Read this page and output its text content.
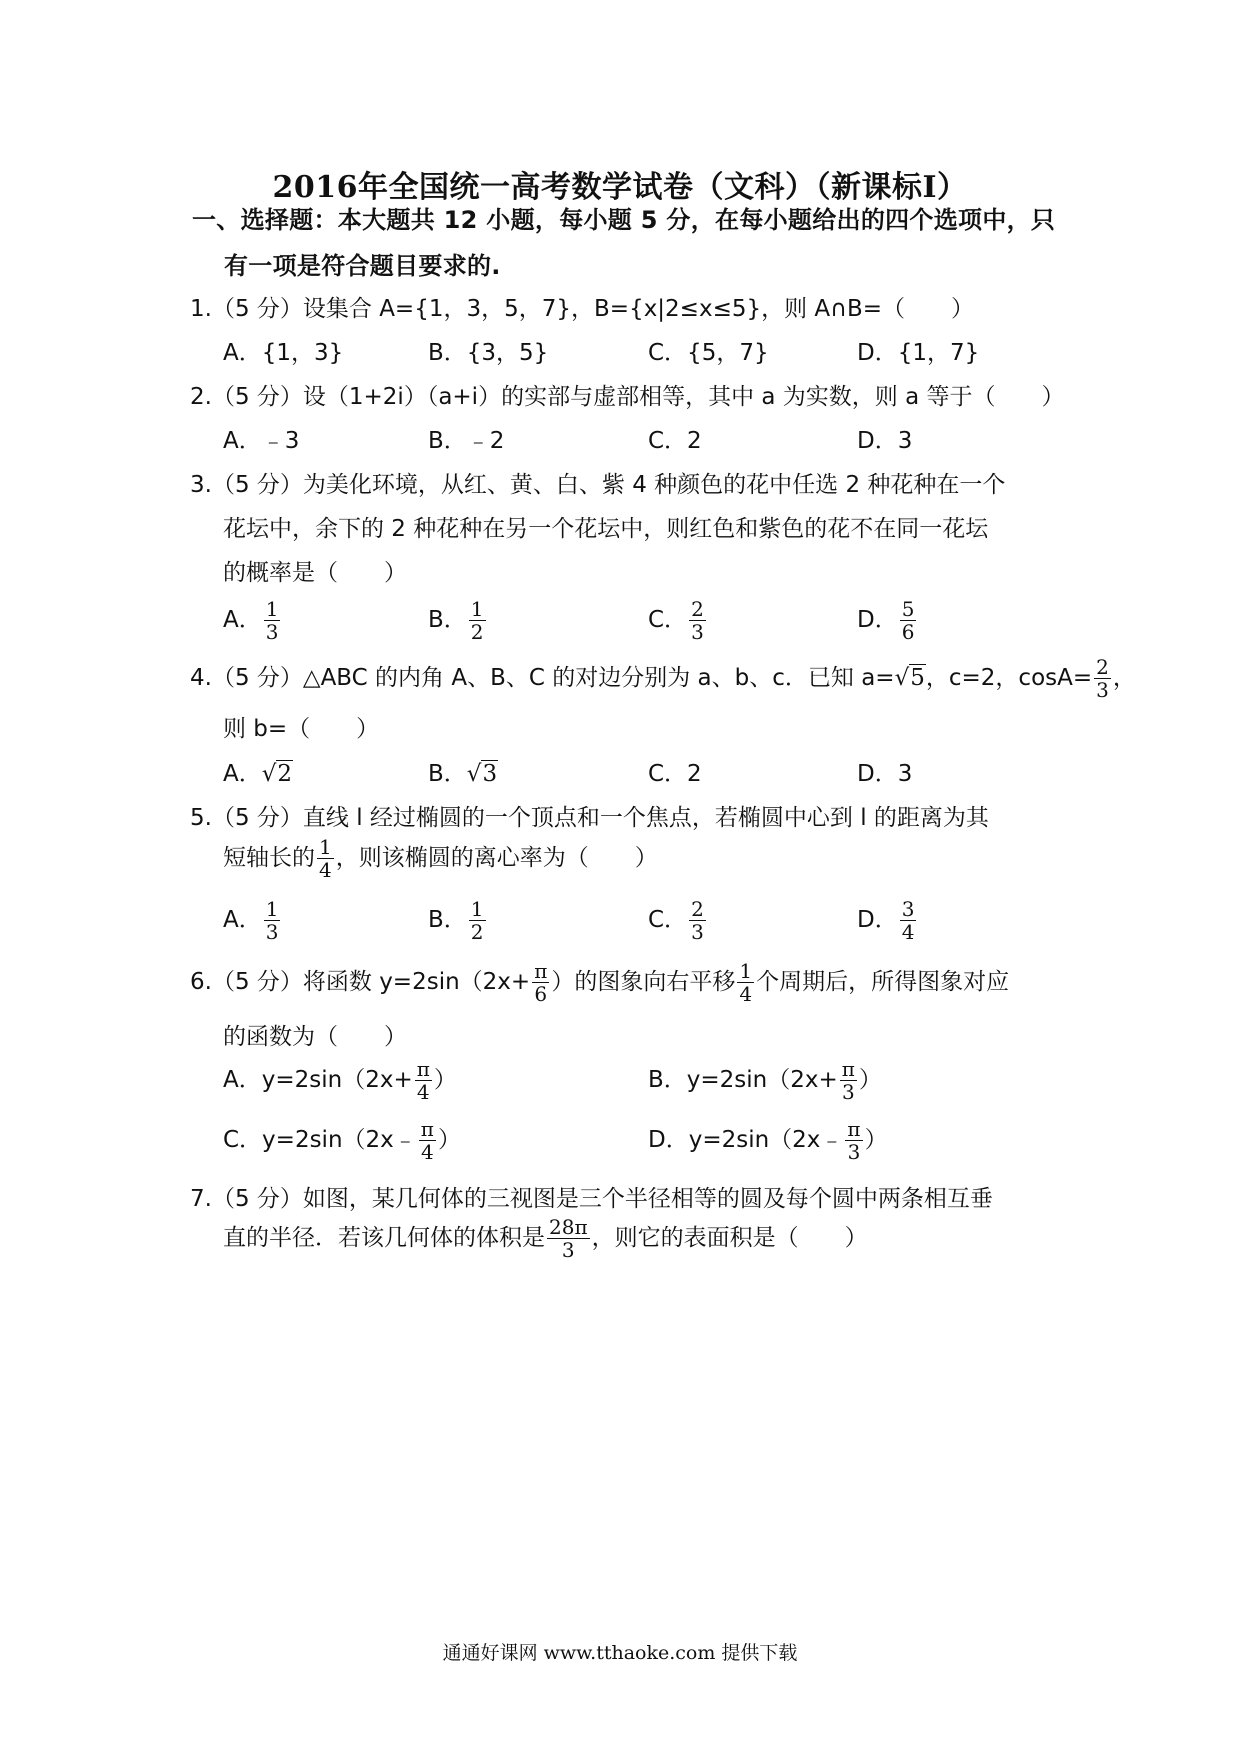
2016年全国统一高考数学试卷（文科）（新课标Ⅰ）
一、选择题：本大题共 12 小题，每小题 5 分，在每小题给出的四个选项中，只
有一项是符合题目要求的.
1.（5 分）设集合 A={1，3，5，7}，B={x|2≤x≤5}，则 A∩B=（　　）
A．{1，3}	B．{3，5}	C．{5，7}	D．{1，7}
2.（5 分）设（1+2i）（a+i）的实部与虚部相等，其中 a 为实数，则 a 等于（　　）
A．﹣3	B．﹣2	C．2	D．3
3.（5 分）为美化环境，从红、黄、白、紫 4 种颜色的花中任选 2 种花种在一个
花坛中，余下的 2 种花种在另一个花坛中，则红色和紫色的花不在同一花坛
的概率是（　　）
A． $\frac{1}{3}$	B． $\frac{1}{2}$	C． $\frac{2}{3}$	D． $\frac{5}{6}$
4.（5 分）△ABC 的内角 A、B、C 的对边分别为 a、b、c．已知 a=√5，c=2，$\cos A= \frac{2}{3}$ ，
则 b=（　　）
A．√2	B．√3	C．2	D．3
5.（5 分）直线 l 经过椭圆的一个顶点和一个焦点，若椭圆中心到 l 的距离为其
短轴长的 $\frac{1}{4}$ ，则该椭圆的离心率为（　　）
A． $\frac{1}{3}$	B． $\frac{1}{2}$	C． $\frac{2}{3}$	D． $\frac{3}{4}$
6.（5 分）将函数 $y=2\sin(2x+ \frac{\pi}{6}$ ）的图象向右平移 $\frac{1}{4}$ 个周期后，所得图象对应
的函数为（　　）
A．$y=2\sin(2x+ \frac{\pi}{4}$ ）	B．$y=2\sin(2x+ \frac{\pi}{3}$ ）
C．y=2sin（2x﹣ $\frac{\pi}{4}$ ）	D．y=2sin（2x﹣ $\frac{\pi}{3}$ ）
7.（5 分）如图，某几何体的三视图是三个半径相等的圆及每个圆中两条相互垂
直的半径．若该几何体的体积是 $\frac{28\pi}{3}$ ，则它的表面积是（　　）
通通好课网 www.tthaoke.com 提供下载
